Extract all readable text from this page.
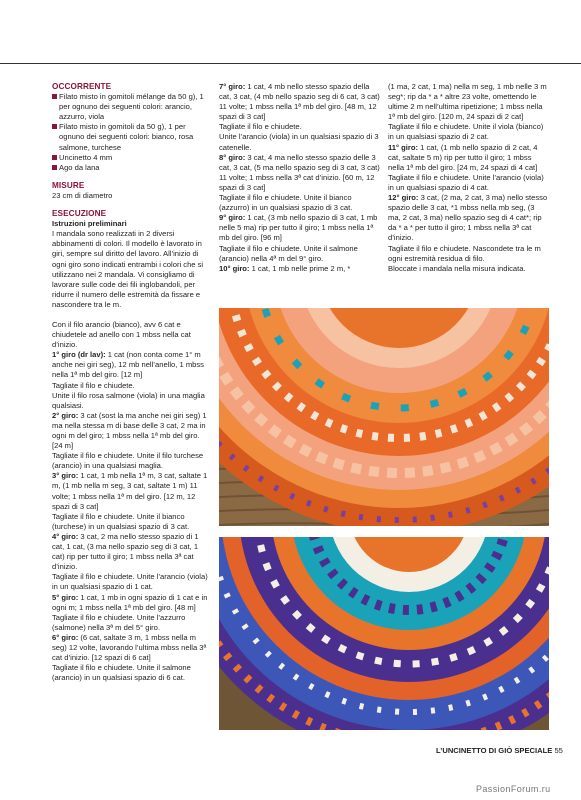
OCCORRENTE

Filato misto in gomitoli mélange da 50 g), 1 per ognuno dei seguenti colori: arancio, azzurro, viola
Filato misto in gomitoli da 50 g), 1 per ognuno dei seguenti colori: bianco, rosa salmone, turchese
Uncinetto 4 mm
Ago da lana

MISURE

23 cm di diametro

ESECUZIONE

Istruzioni preliminari

I mandala sono realizzati in 2 diversi abbinamenti di colori. Il modello è lavorato in giri, sempre sul diritto del lavoro. All’inizio di ogni giro sono indicati entrambi i colori che si utilizzano nei 2 mandala. Vi consigliamo di lavorare sulle code dei fili inglobandoli, per ridurre il numero delle estremità da fissare e nascondere tra le m.

Con il filo arancio (bianco), avv 6 cat e chiudetele ad anello con 1 mbss nella cat d’inizio.

1° giro (dr lav): 1 cat (non conta come 1° m anche nei giri seg), 12 mb nell’anello, 1 mbss nella 1ª mb del giro. [12 m]

Tagliate il filo e chiudete.

Unite il filo rosa salmone (viola) in una maglia qualsiasi.

2° giro: 3 cat (sost la ma anche nei giri seg) 1 ma nella stessa m di base delle 3 cat, 2 ma in ogni m del giro; 1 mbss nella 1ª mb del giro. [24 m]

Tagliate il filo e chiudete. Unite il filo turchese (arancio) in una qualsiasi maglia.

3° giro: 1 cat, 1 mb nella 1ª m, 3 cat, saltate 1 m, (1 mb nella m seg, 3 cat, saltate 1 m) 11 volte; 1 mbss nella 1ª m del giro. [12 m, 12 spazi di 3 cat]

Tagliate il filo e chiudete. Unite il bianco (turchese) in un qualsiasi spazio di 3 cat.

4° giro: 3 cat, 2 ma nello stesso spazio di 1 cat, 1 cat, (3 ma nello spazio seg di 3 cat, 1 cat) rip per tutto il giro; 1 mbss nella 3ª cat d’inizio.

Tagliate il filo e chiudete. Unite l’arancio (viola) in un qualsiasi spazio di 1 cat.

5° giro: 1 cat, 1 mb in ogni spazio di 1 cat e in ogni m; 1 mbss nella 1ª mb del giro. [48 m] Tagliate il filo e chiudete. Unite l’azzurro (salmone) nella 3ª m del 5° giro.

6° giro: (6 cat, saltate 3 m, 1 mbss nella m seg) 12 volte, lavorando l’ultima mbss nella 3ª cat d’inizio. [12 spazi di 6 cat]

Tagliate il filo e chiudete. Unite il salmone (arancio) in un qualsiasi spazio di 6 cat.

7° giro: 1 cat, 4 mb nello stesso spazio della cat, 3 cat, (4 mb nello spazio seg di 6 cat, 3 cat) 11 volte; 1 mbss nella 1ª mb del giro. [48 m, 12 spazi di 3 cat]

Tagliate il filo e chiudete.

Unite l’arancio (viola) in un qualsiasi spazio di 3 catenelle.

8° giro: 3 cat, 4 ma nello stesso spazio delle 3 cat, 3 cat, (5 ma nello spazio seg di 3 cat, 3 cat) 11 volte; 1 mbss nella 3ª cat d’inizio. [60 m, 12 spazi di 3 cat]

Tagliate il filo e chiudete. Unite il bianco (azzurro) in un qualsiasi spazio di 3 cat.

9° giro: 1 cat, (3 mb nello spazio di 3 cat, 1 mb nelle 5 ma) rip per tutto il giro; 1 mbss nella 1ª mb del giro. [96 m]

Tagliate il filo e chiudete. Unite il salmone (arancio) nella 4ª m del 9° giro.

10° giro: 1 cat, 1 mb nelle prime 2 m, *

(1 ma, 2 cat, 1 ma) nella m seg, 1 mb nelle 3 m seg*; rip da * a * altre 23 volte, omettendo le ultime 2 m nell’ultima ripetizione; 1 mbss nella 1ª mb del giro. [120 m, 24 spazi di 2 cat]

Tagliate il filo e chiudete. Unite il viola (bianco) in un qualsiasi spazio di 2 cat.

11° giro: 1 cat, (1 mb nello spazio di 2 cat, 4 cat, saltate 5 m) rip per tutto il giro; 1 mbss nella 1ª mb del giro. [24 m, 24 spazi di 4 cat]

Tagliate il filo e chiudete. Unite l’arancio (viola) in un qualsiasi spazio di 4 cat.

12° giro: 3 cat, (2 ma, 2 cat, 3 ma) nello stesso spazio delle 3 cat, *1 mbss nella mb seg, (3 ma, 2 cat, 3 ma) nello spazio seg di 4 cat*; rip da * a * per tutto il giro; 1 mbss nella 3ª cat d’inizio.

Tagliate il filo e chiudete. Nascondete tra le m ogni estremità residua di filo.

Bloccate i mandala nella misura indicata.

L’UNCINETTO DI GIÒ SPECIALE 55
PassionForum.ru
